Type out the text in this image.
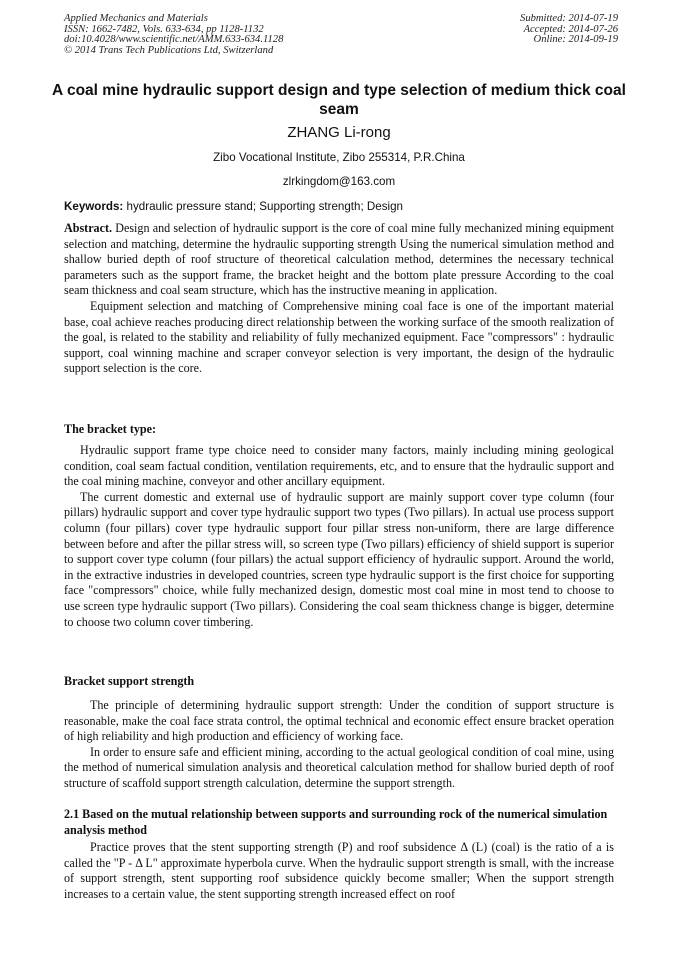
Applied Mechanics and Materials
ISSN: 1662-7482, Vols. 633-634, pp 1128-1132
doi:10.4028/www.scientific.net/AMM.633-634.1128
© 2014 Trans Tech Publications Ltd, Switzerland
Submitted: 2014-07-19
Accepted: 2014-07-26
Online: 2014-09-19
A coal mine hydraulic support design and type selection of medium thick coal seam
ZHANG Li-rong
Zibo Vocational Institute, Zibo 255314, P.R.China
zlrkingdom@163.com
Keywords: hydraulic pressure stand; Supporting strength; Design

Abstract. Design and selection of hydraulic support is the core of coal mine fully mechanized mining equipment selection and matching, determine the hydraulic supporting strength Using the numerical simulation method and shallow buried depth of roof structure of theoretical calculation method, determines the necessary technical parameters such as the support frame, the bracket height and the bottom plate pressure According to the coal seam thickness and coal seam structure, which has the instructive meaning in application.

Equipment selection and matching of Comprehensive mining coal face is one of the important material base, coal achieve reaches producing direct relationship between the working surface of the smooth realization of the goal, is related to the stability and reliability of fully mechanized equipment. Face "compressors" : hydraulic support, coal winning machine and scraper conveyor selection is very important, the design of the hydraulic support selection is the core.

The bracket type:

Hydraulic support frame type choice need to consider many factors, mainly including mining geological condition, coal seam factual condition, ventilation requirements, etc, and to ensure that the hydraulic support and the coal mining machine, conveyor and other ancillary equipment.

The current domestic and external use of hydraulic support are mainly support cover type column (four pillars) hydraulic support and cover type hydraulic support two types (Two pillars). In actual use process support column (four pillars) cover type hydraulic support four pillar stress non-uniform, there are large difference between before and after the pillar stress will, so screen type (Two pillars) efficiency of shield support is superior to support cover type column (four pillars) the actual support efficiency of hydraulic support. Around the world, in the extractive industries in developed countries, screen type hydraulic support is the first choice for supporting face "compressors" choice, while fully mechanized design, domestic most coal mine in most tend to choose to use screen type hydraulic support (Two pillars). Considering the coal seam thickness change is bigger, determine to choose two column cover timbering.

Bracket support strength

The principle of determining hydraulic support strength: Under the condition of support structure is reasonable, make the coal face strata control, the optimal technical and economic effect ensure bracket operation of high reliability and high production and efficiency of working face.

In order to ensure safe and efficient mining, according to the actual geological condition of coal mine, using the method of numerical simulation analysis and theoretical calculation method for shallow buried depth of roof structure of scaffold support strength calculation, determine the support strength.

2.1 Based on the mutual relationship between supports and surrounding rock of the numerical simulation analysis method

Practice proves that the stent supporting strength (P) and roof subsidence Δ (L) (coal) is the ratio of a is called the "P - Δ L" approximate hyperbola curve. When the hydraulic support strength is small, with the increase of support strength, stent supporting roof subsidence quickly become smaller; When the support strength increases to a certain value, the stent supporting strength increased effect on roof
